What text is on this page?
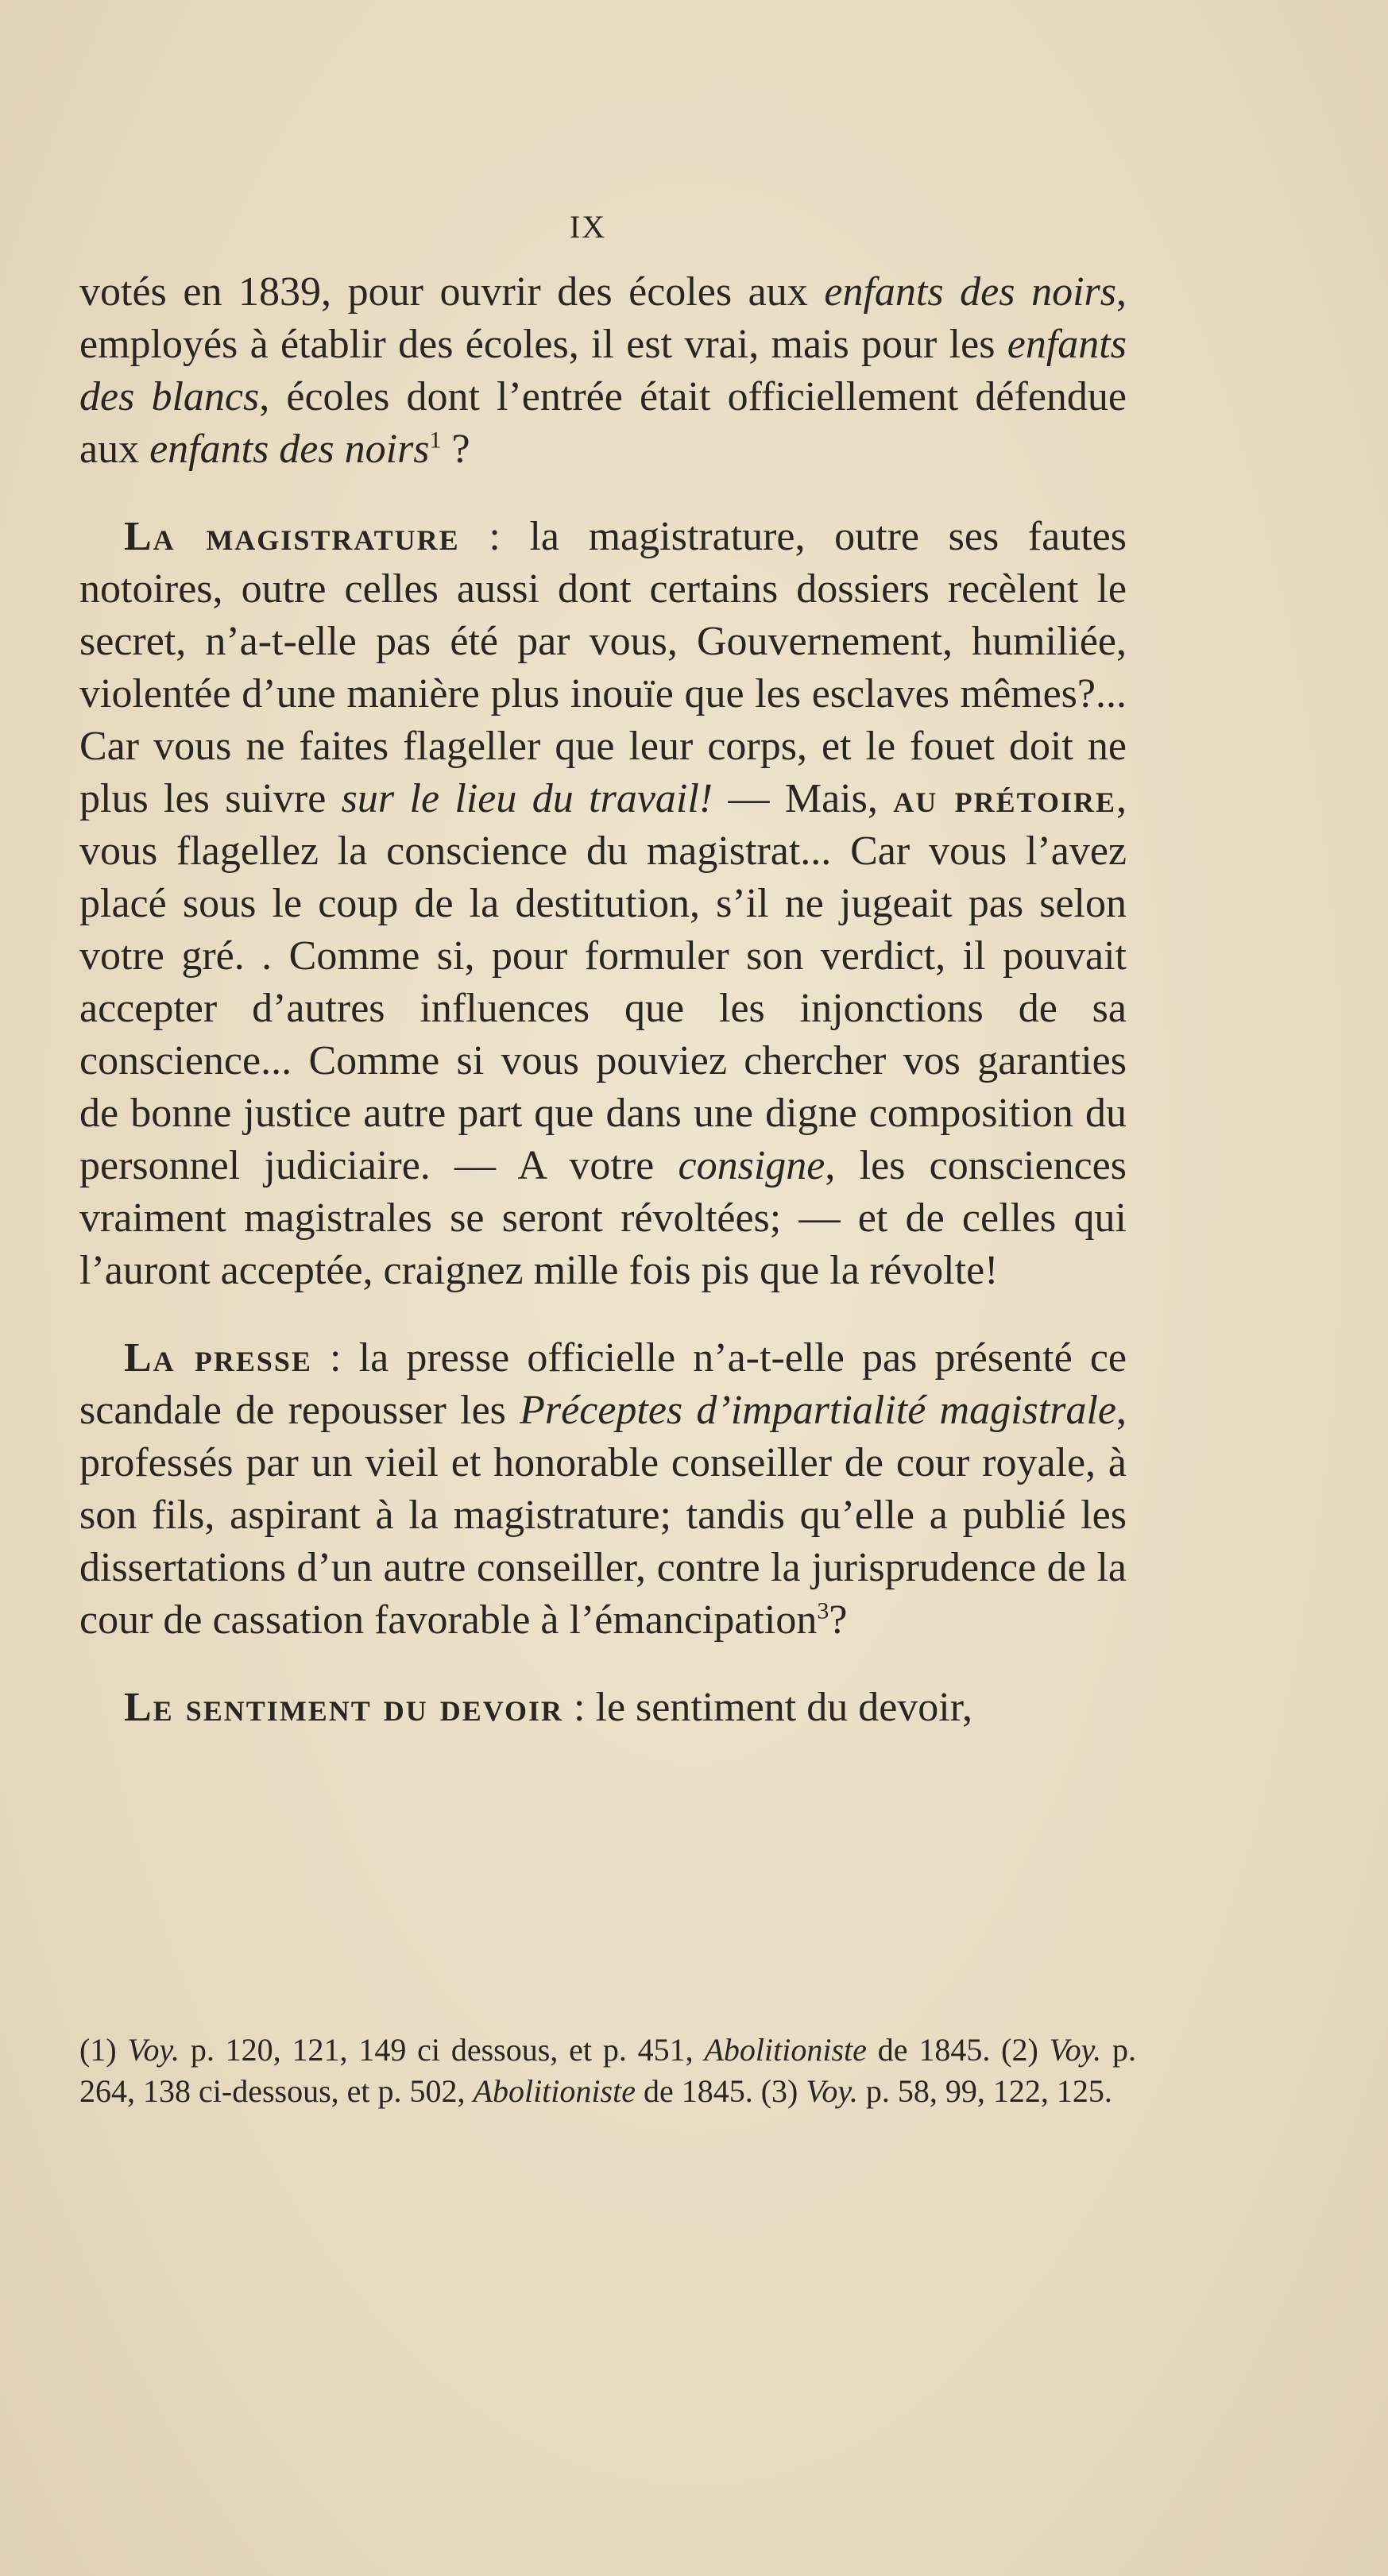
IX

votés en 1839, pour ouvrir des écoles aux enfants des noirs, employés à établir des écoles, il est vrai, mais pour les enfants des blancs, écoles dont l’entrée était officiellement défendue aux enfants des noirs$^1$ ?

La magistrature : la magistrature, outre ses fautes notoires, outre celles aussi dont certains dossiers recèlent le secret, n’a-t-elle pas été par vous, Gouvernement, humiliée, violentée d’une manière plus inouïe que les esclaves mêmes?... Car vous ne faites flageller que leur corps, et le fouet doit ne plus les suivre sur le lieu du travail! — Mais, au prétoire, vous flagellez la conscience du magistrat... Car vous l’avez placé sous le coup de la destitution, s’il ne jugeait pas selon votre gré. . Comme si, pour formuler son verdict, il pouvait accepter d’autres influences que les injonctions de sa conscience... Comme si vous pouviez chercher vos garanties de bonne justice autre part que dans une digne composition du personnel judiciaire. — A votre consigne, les consciences vraiment magistrales se seront révoltées; — et de celles qui l’auront acceptée, craignez mille fois pis que la révolte!

La presse : la presse officielle n’a-t-elle pas présenté ce scandale de repousser les Préceptes d’impartialité magistrale, professés par un vieil et honorable conseiller de cour royale, à son fils, aspirant à la magistrature; tandis qu’elle a publié les dissertations d’un autre conseiller, contre la jurisprudence de la cour de cassation favorable à l’émancipation$^3$?

Le sentiment du devoir : le sentiment du devoir,

(1) Voy. p. 120, 121, 149 ci dessous, et p. 451, Abolitioniste de 1845. (2) Voy. p. 264, 138 ci-dessous, et p. 502, Abolitioniste de 1845. (3) Voy. p. 58, 99, 122, 125.
